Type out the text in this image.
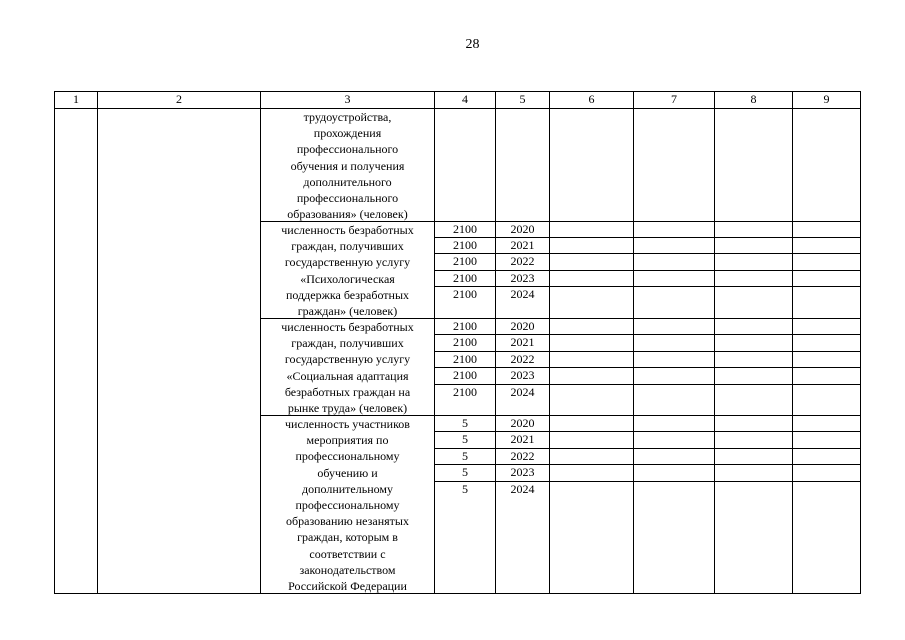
28
1	2	3	4	5	6	7	8	9
трудоустройства,
прохождения
профессионального
обучения и получения
дополнительного
профессионального
образования» (человек)
численность безработных
граждан, получивших
государственную услугу
«Психологическая
поддержка безработных
граждан» (человек)
2100	2020
2100	2021
2100	2022
2100	2023
2100	2024
численность безработных
граждан, получивших
государственную услугу
«Социальная адаптация
безработных граждан на
рынке труда» (человек)
2100	2020
2100	2021
2100	2022
2100	2023
2100	2024
численность участников
мероприятия по
профессиональному
обучению и
дополнительному
профессиональному
образованию незанятых
граждан, которым в
соответствии с
законодательством
Российской Федерации
5	2020
5	2021
5	2022
5	2023
5	2024
